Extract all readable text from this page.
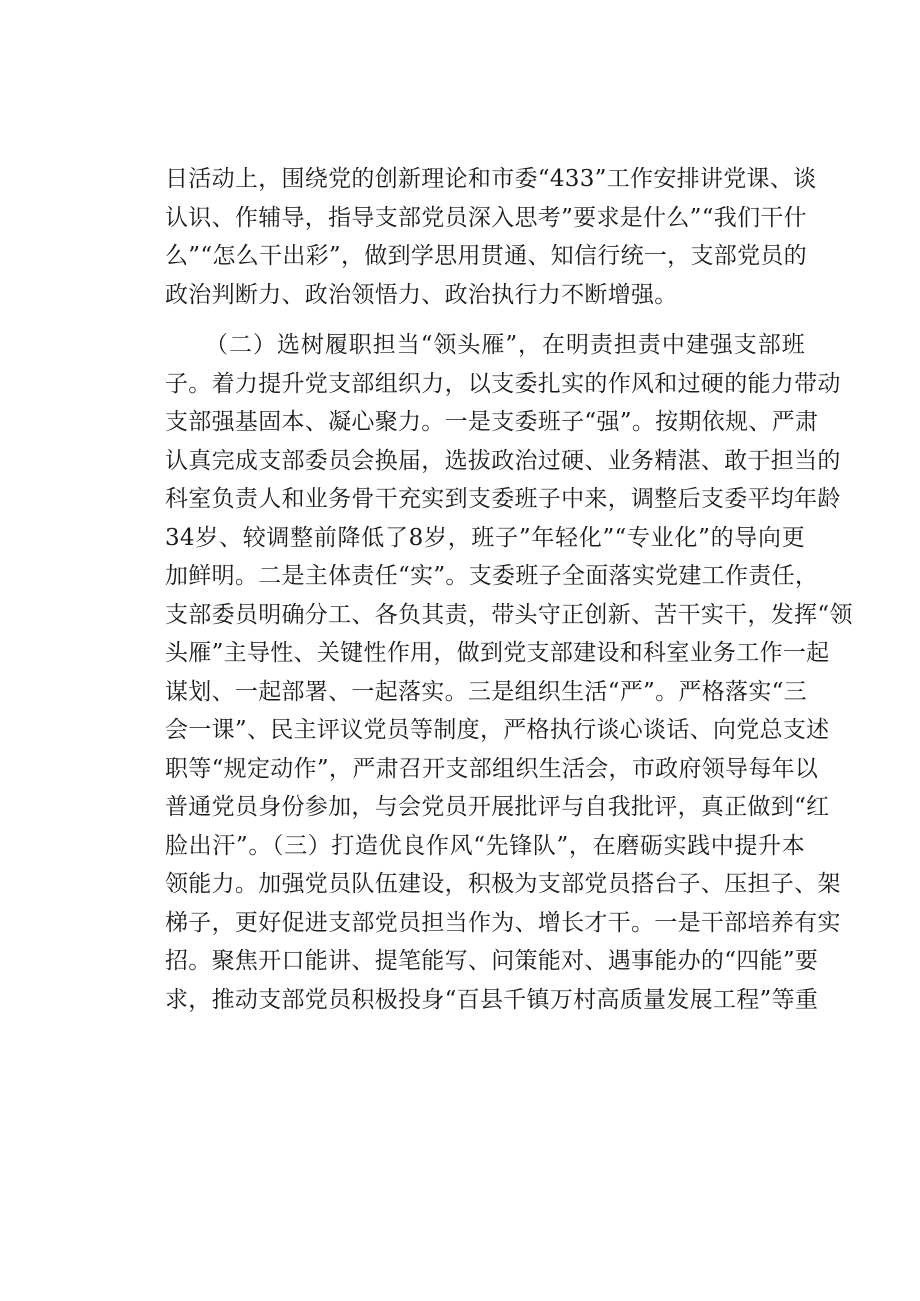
日活动上，围绕党的创新理论和市委“433”工作安排讲党课、谈
认识、作辅导，指导支部党员深入思考”要求是什么”“我们干什
么”“怎么干出彩”，做到学思用贯通、知信行统一，支部党员的
政治判断力、政治领悟力、政治执行力不断增强。
（二）选树履职担当“领头雁”，在明责担责中建强支部班
子。着力提升党支部组织力，以支委扎实的作风和过硬的能力带动
支部强基固本、凝心聚力。一是支委班子“强”。按期依规、严肃
认真完成支部委员会换届，选拔政治过硬、业务精湛、敢于担当的
科室负责人和业务骨干充实到支委班子中来，调整后支委平均年龄
34岁、较调整前降低了8岁，班子”年轻化”“专业化”的导向更
加鲜明。二是主体责任“实”。支委班子全面落实党建工作责任，
支部委员明确分工、各负其责，带头守正创新、苦干实干，发挥“领
头雁”主导性、关键性作用，做到党支部建设和科室业务工作一起
谋划、一起部署、一起落实。三是组织生活“严”。严格落实“三
会一课”、民主评议党员等制度，严格执行谈心谈话、向党总支述
职等“规定动作”，严肃召开支部组织生活会，市政府领导每年以
普通党员身份参加，与会党员开展批评与自我批评，真正做到“红
脸出汗”。（三）打造优良作风“先锋队”，在磨砺实践中提升本
领能力。加强党员队伍建设，积极为支部党员搭台子、压担子、架
梯子，更好促进支部党员担当作为、增长才干。一是干部培养有实
招。聚焦开口能讲、提笔能写、问策能对、遇事能办的“四能”要
求，推动支部党员积极投身“百县千镇万村高质量发展工程”等重
